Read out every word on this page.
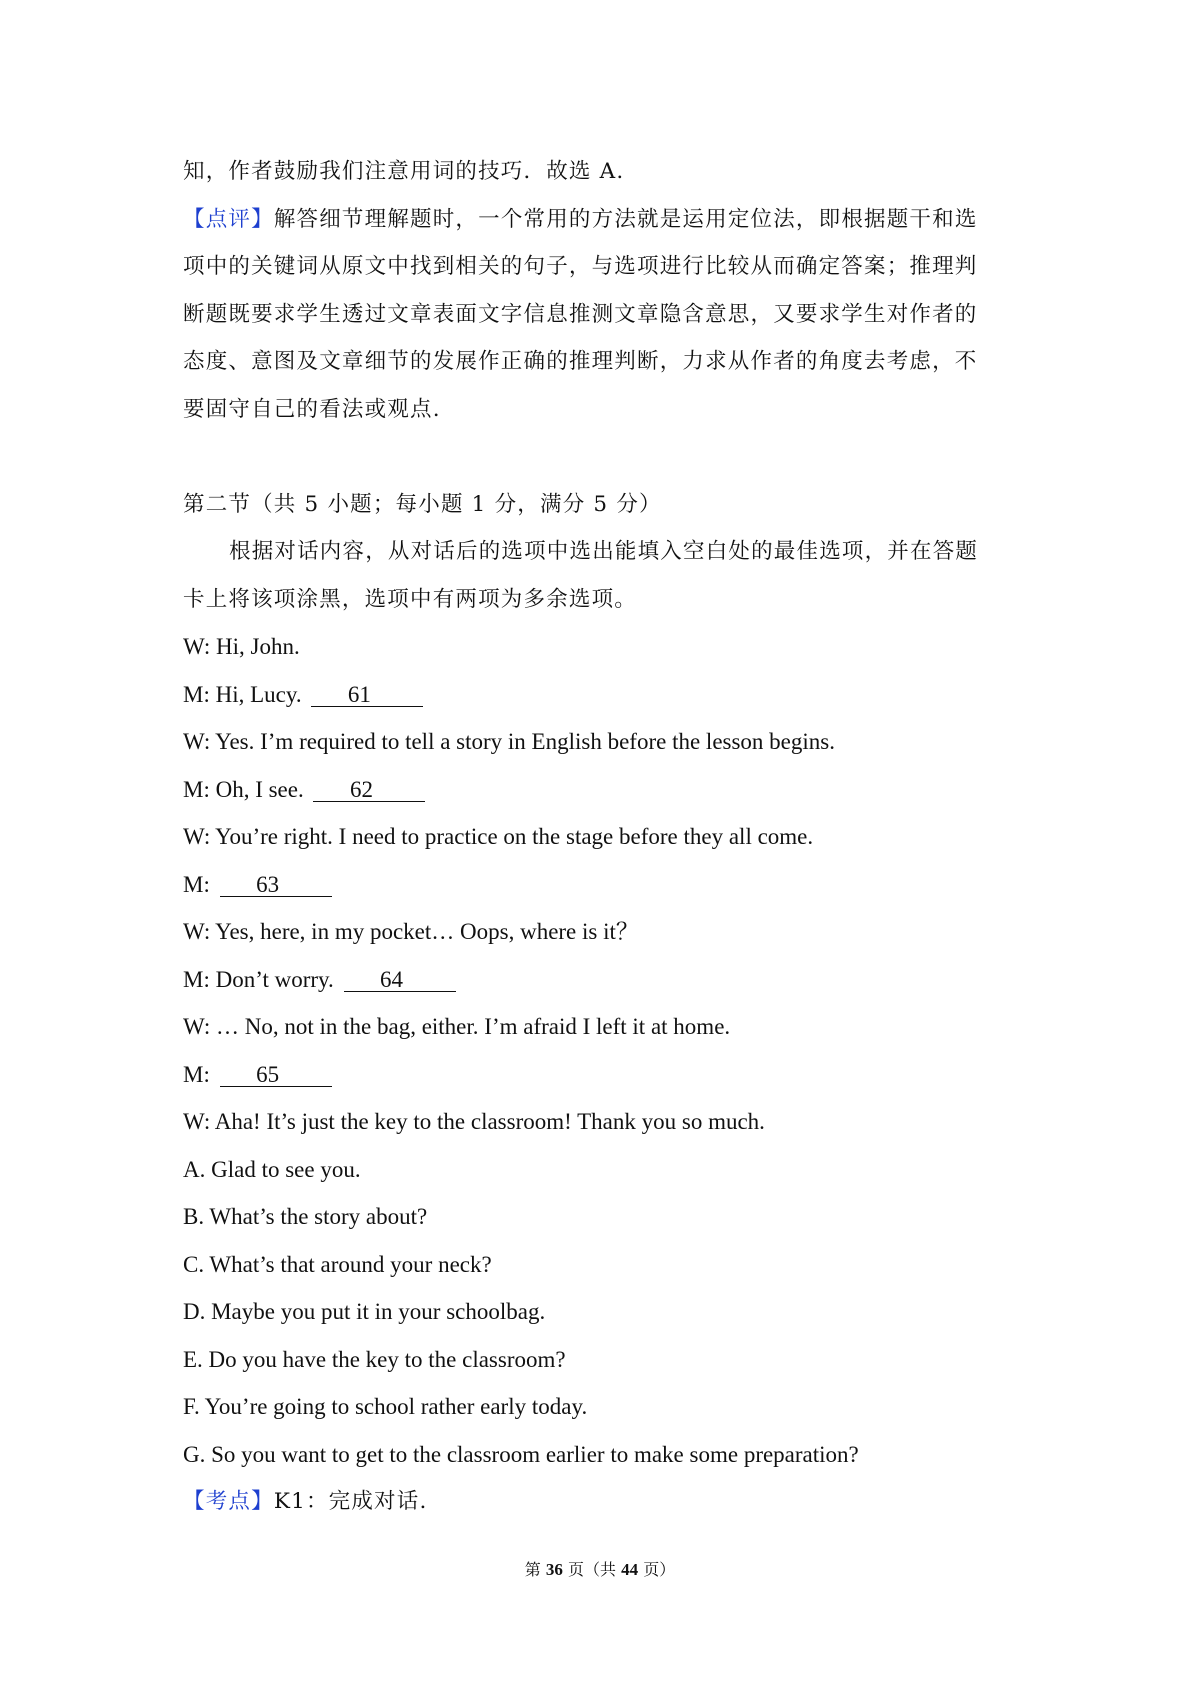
知，作者鼓励我们注意用词的技巧．故选 A.
【点评】解答细节理解题时，一个常用的方法就是运用定位法，即根据题干和选
项中的关键词从原文中找到相关的句子，与选项进行比较从而确定答案；推理判
断题既要求学生透过文章表面文字信息推测文章隐含意思，又要求学生对作者的
态度、意图及文章细节的发展作正确的推理判断，力求从作者的角度去考虑，不
要固守自己的看法或观点.
第二节（共 5 小题；每小题 1 分，满分 5 分）
根据对话内容，从对话后的选项中选出能填入空白处的最佳选项，并在答题
卡上将该项涂黑，选项中有两项为多余选项。
W: Hi, John.
M: Hi, Lucy. 61
W: Yes. I’m required to tell a story in English before the lesson begins.
M: Oh, I see. 62
W: You’re right. I need to practice on the stage before they all come.
M: 63
W: Yes, here, in my pocket… Oops, where is it？
M: Don’t worry. 64
W: … No, not in the bag, either. I’m afraid I left it at home.
M: 65
W: Aha! It’s just the key to the classroom! Thank you so much.
A. Glad to see you.
B. What’s the story about?
C. What’s that around your neck?
D. Maybe you put it in your schoolbag.
E. Do you have the key to the classroom?
F. You’re going to school rather early today.
G. So you want to get to the classroom earlier to make some preparation?
【考点】K1：完成对话.
第 36 页（共 44 页）
